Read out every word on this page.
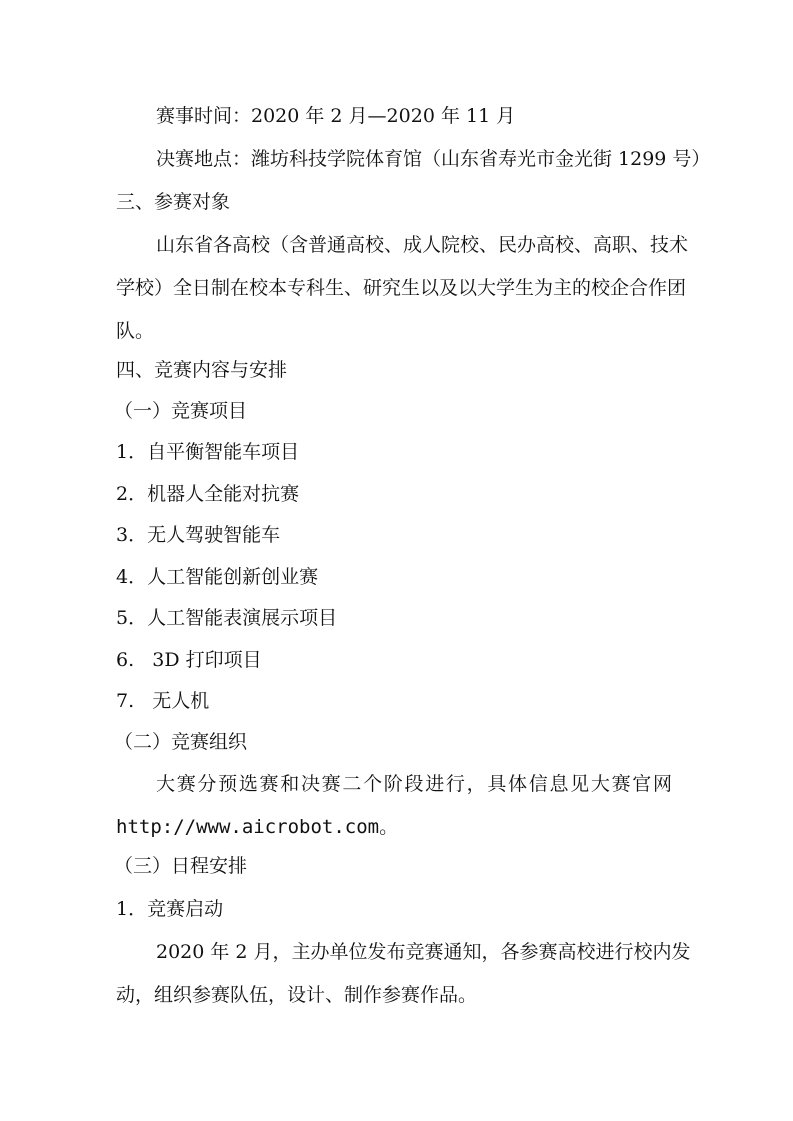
赛事时间：2020 年 2 月—2020 年 11 月
决赛地点：潍坊科技学院体育馆（山东省寿光市金光街 1299 号）
三、参赛对象
山东省各高校（含普通高校、成人院校、民办高校、高职、技术
学校）全日制在校本专科生、研究生以及以大学生为主的校企合作团
队。
四、竞赛内容与安排
（一）竞赛项目
1．自平衡智能车项目
2．机器人全能对抗赛
3．无人驾驶智能车
4．人工智能创新创业赛
5．人工智能表演展示项目
6.   3D 打印项目
7.   无人机
（二）竞赛组织
大赛分预选赛和决赛二个阶段进行，具体信息见大赛官网
http://www.aicrobot.com。
（三）日程安排
1．竞赛启动
2020 年 2 月，主办单位发布竞赛通知，各参赛高校进行校内发
动，组织参赛队伍，设计、制作参赛作品。
